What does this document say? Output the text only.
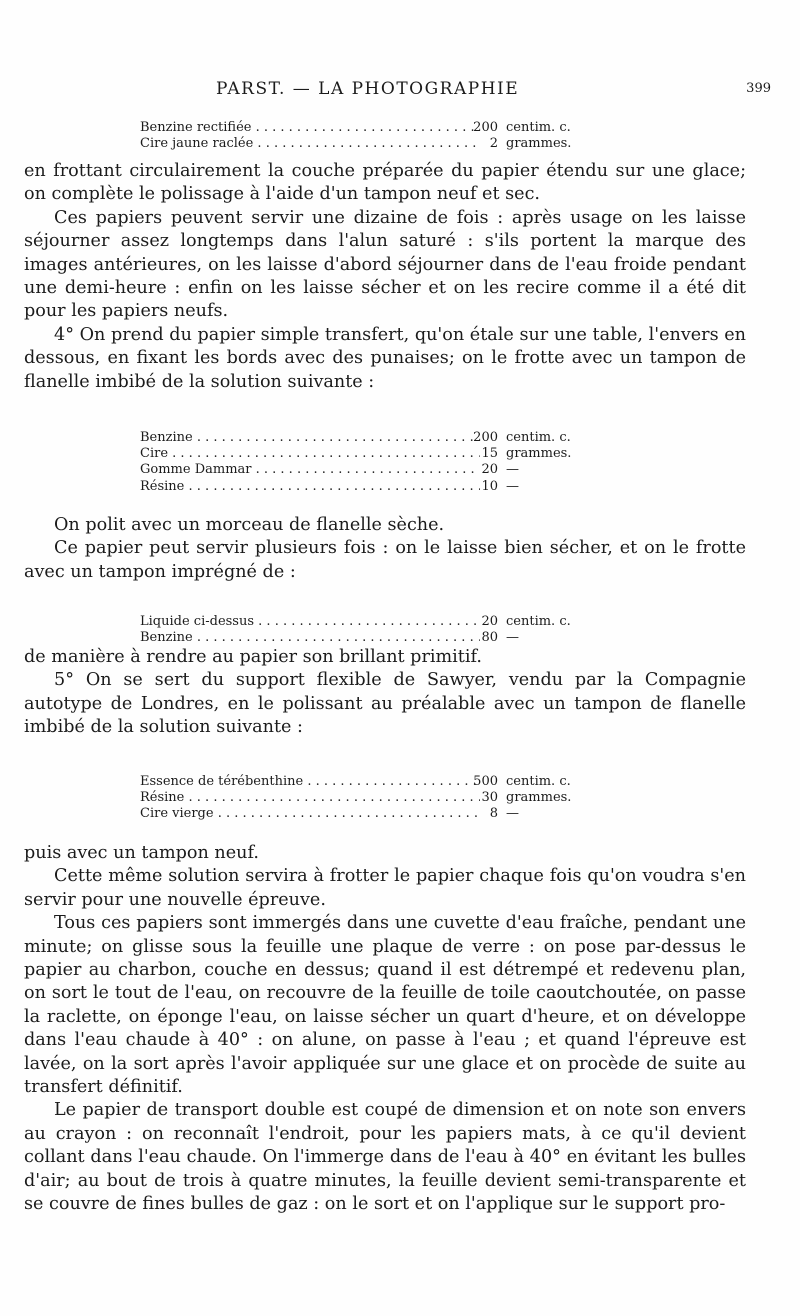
PARST. — LA PHOTOGRAPHIE	399
Benzine rectifiée . . .	200 centim. c.
Cire jaune raclée . . .	2 grammes.

en frottant circulairement la couche préparée du papier étendu sur une glace; on complète le polissage à l'aide d'un tampon neuf et sec.

Ces papiers peuvent servir une dizaine de fois : après usage on les laisse séjourner assez longtemps dans l'alun saturé : s'ils portent la marque des images antérieures, on les laisse d'abord séjourner dans de l'eau froide pendant une demi-heure : enfin on les laisse sécher et on les recire comme il a été dit pour les papiers neufs.

4° On prend du papier simple transfert, qu'on étale sur une table, l'envers en dessous, en fixant les bords avec des punaises; on le frotte avec un tampon de flanelle imbibé de la solution suivante :

Benzine . . .	200 centim. c.
Cire . . .	15 grammes.
Gomme Dammar . . .	20 —
Résine . . .	10 —

On polit avec un morceau de flanelle sèche.

Ce papier peut servir plusieurs fois : on le laisse bien sécher, et on le frotte avec un tampon imprégné de :

Liquide ci-dessus . . .	20 centim. c.
Benzine . . .	80 —

de manière à rendre au papier son brillant primitif.

5° On se sert du support flexible de Sawyer, vendu par la Compagnie autotype de Londres, en le polissant au préalable avec un tampon de flanelle imbibé de la solution suivante :

Essence de térébenthine . . .	500 centim. c.
Résine . . .	30 grammes.
Cire vierge . . .	8 —

puis avec un tampon neuf.

Cette même solution servira à frotter le papier chaque fois qu'on voudra s'en servir pour une nouvelle épreuve.

Tous ces papiers sont immergés dans une cuvette d'eau fraîche, pendant une minute; on glisse sous la feuille une plaque de verre : on pose par-dessus le papier au charbon, couche en dessus; quand il est détrempé et redevenu plan, on sort le tout de l'eau, on recouvre de la feuille de toile caoutchoutée, on passe la raclette, on éponge l'eau, on laisse sécher un quart d'heure, et on développe dans l'eau chaude à 40° : on alune, on passe à l'eau ; et quand l'épreuve est lavée, on la sort après l'avoir appliquée sur une glace et on procède de suite au transfert définitif.

Le papier de transport double est coupé de dimension et on note son envers au crayon : on reconnaît l'endroit, pour les papiers mats, à ce qu'il devient collant dans l'eau chaude. On l'immerge dans de l'eau à 40° en évitant les bulles d'air; au bout de trois à quatre minutes, la feuille devient semi-transparente et se couvre de fines bulles de gaz : on le sort et on l'applique sur le support pro-
